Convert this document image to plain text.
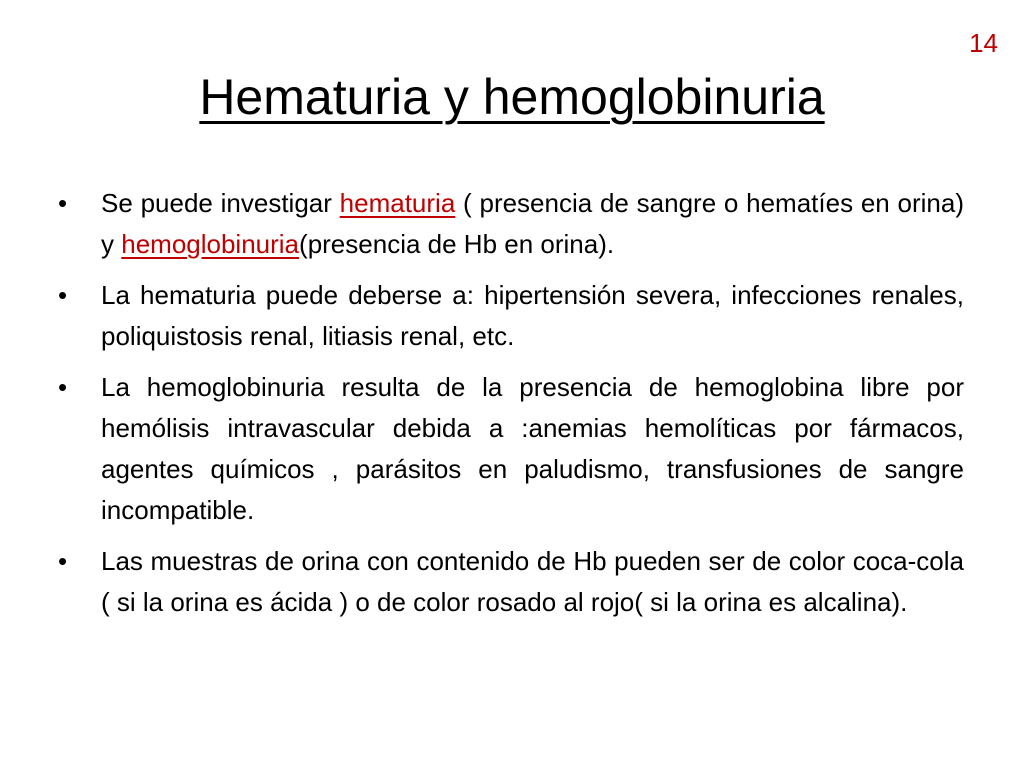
14
Hematuria y hemoglobinuria
• Se puede investigar hematuria ( presencia de sangre o hematíes en orina) y hemoglobinuria(presencia de Hb en orina).
• La hematuria puede deberse a: hipertensión severa, infecciones renales, poliquistosis renal, litiasis renal, etc.
• La hemoglobinuria resulta de la presencia de hemoglobina libre por hemólisis intravascular debida a :anemias hemolíticas por fármacos, agentes químicos , parásitos en paludismo, transfusiones de sangre incompatible.
• Las muestras de orina con contenido de Hb pueden ser de color coca-cola ( si la orina es ácida ) o de color rosado al rojo( si la orina es alcalina).
